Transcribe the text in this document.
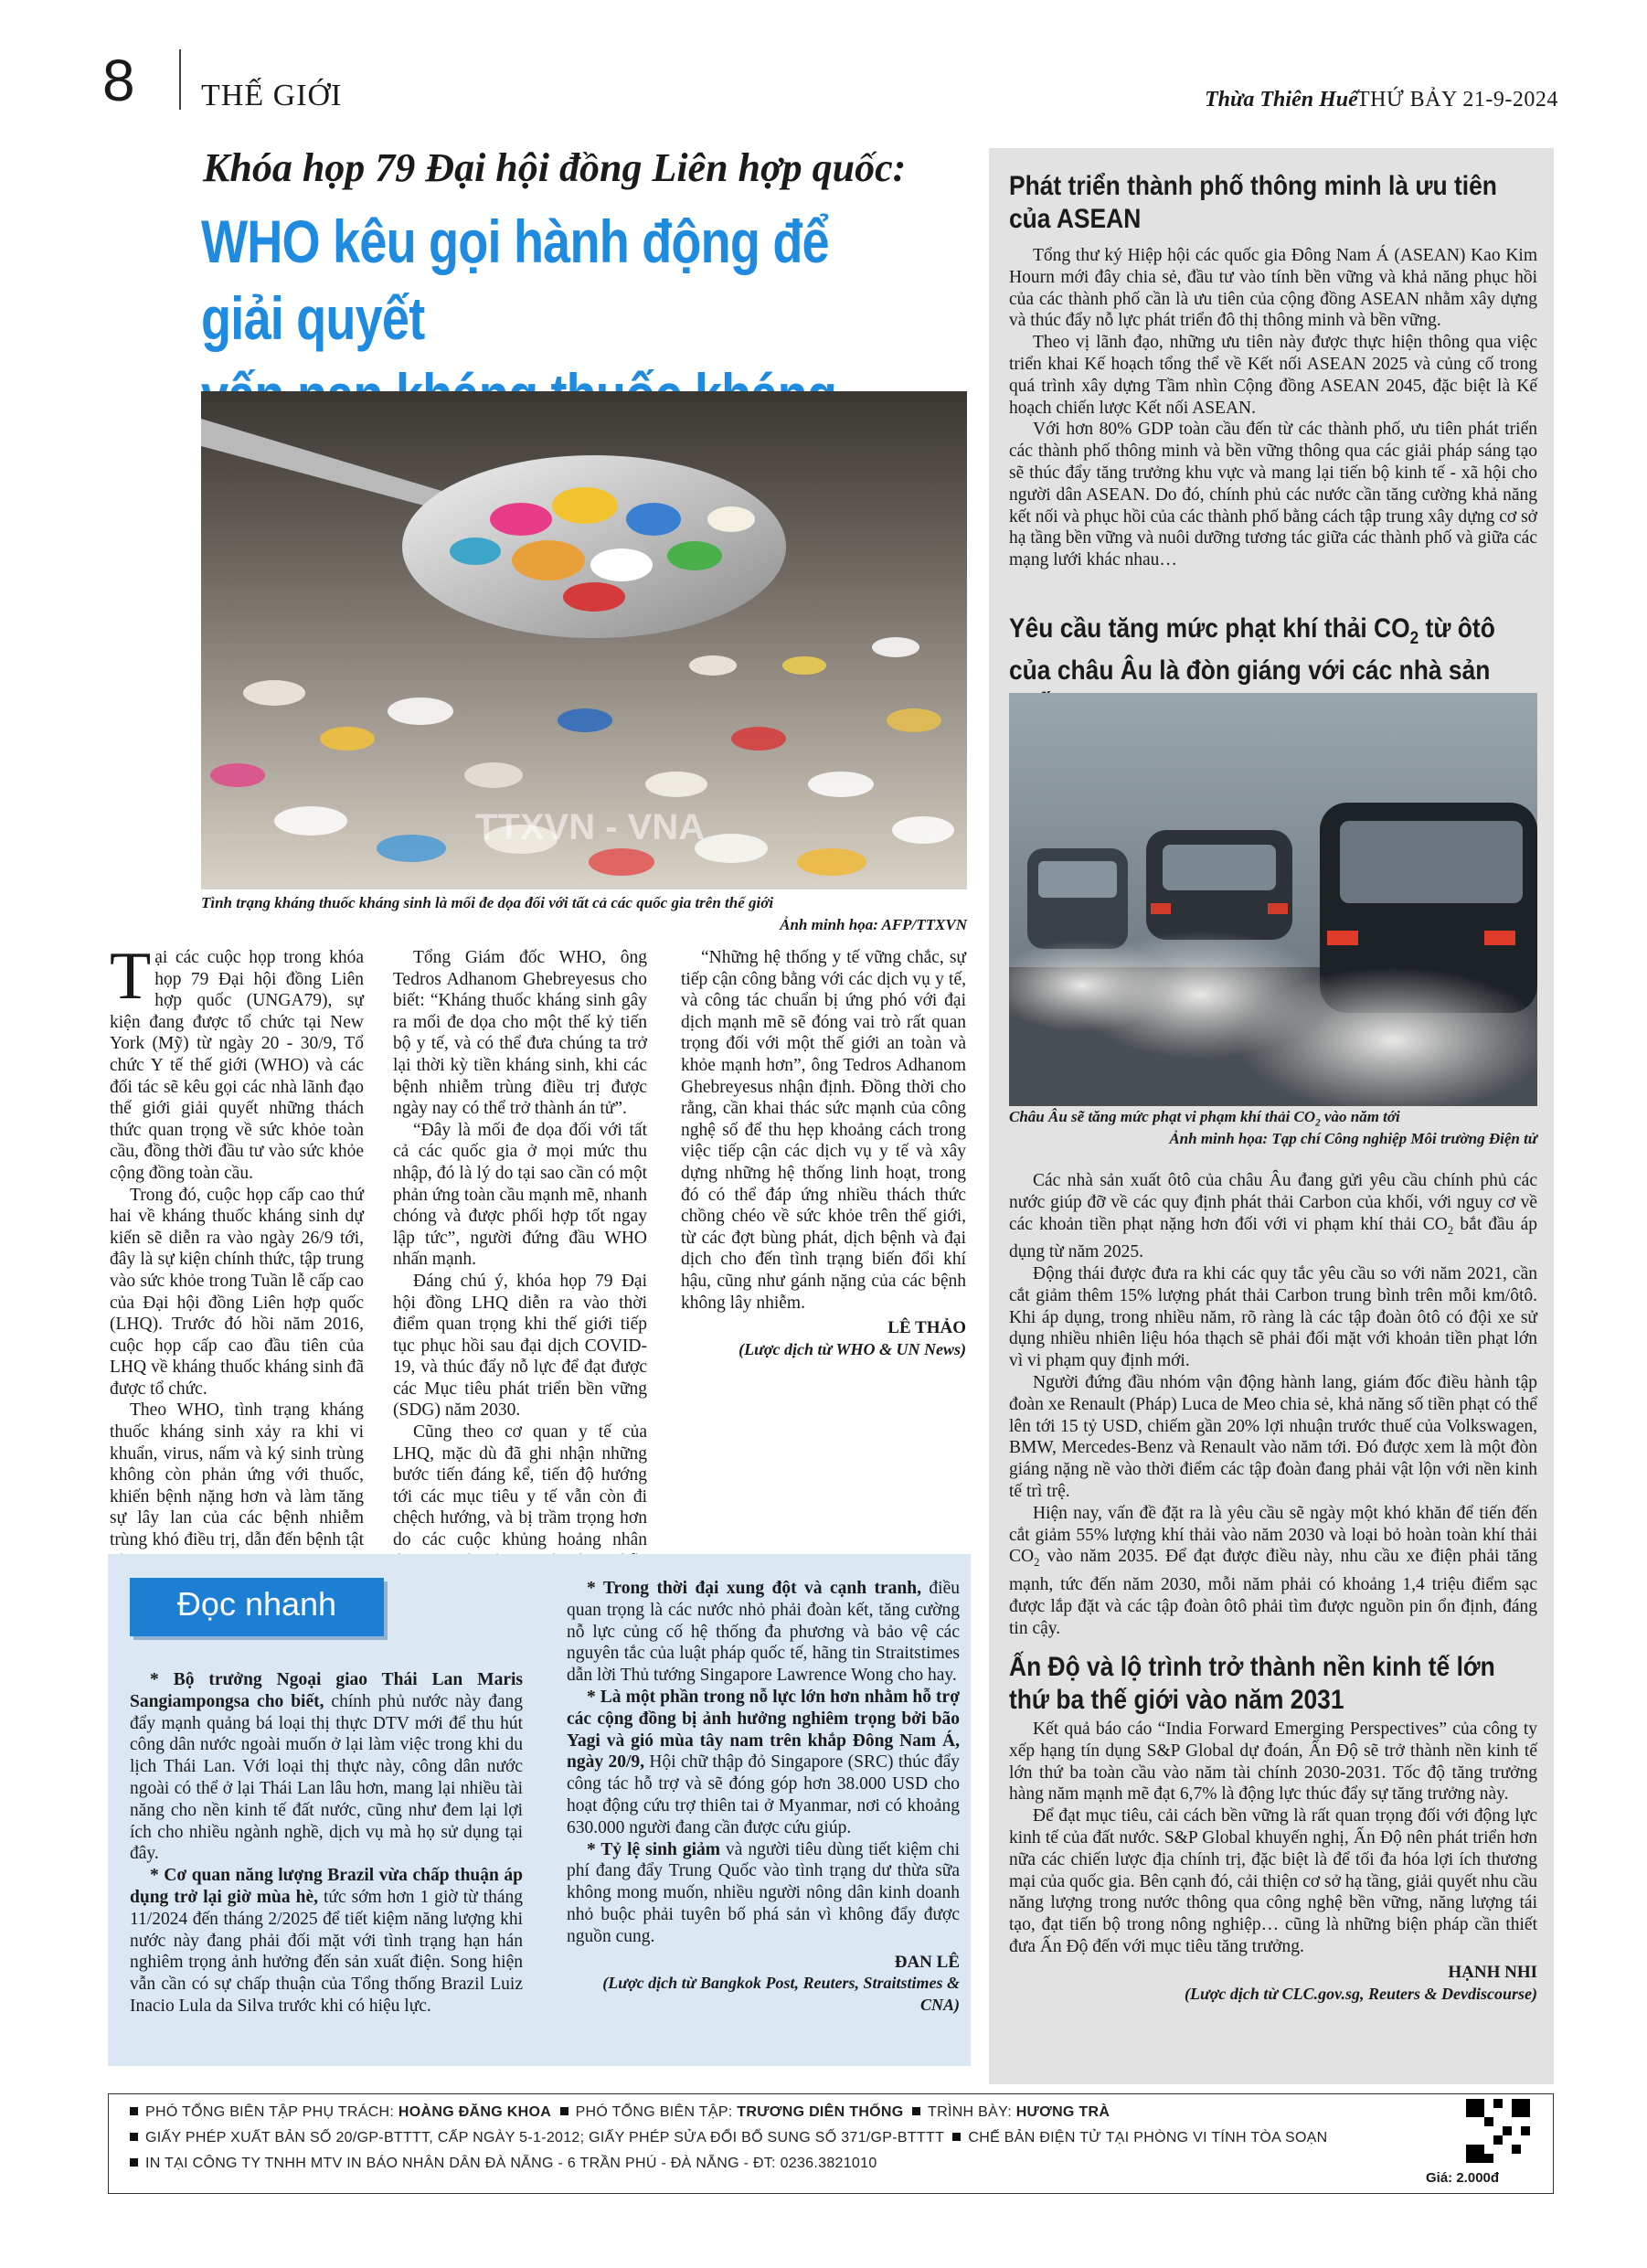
8 THẾ GIỚI	Thừa Thiên Huế
THỨ BẢY 21-9-2024
Khóa họp 79 Đại hội đồng Liên hợp quốc:
WHO kêu gọi hành động để giải quyết
TTXVN - VNA
Tình trạng kháng thuốc kháng sinh là mối đe dọa đối với tất cả các quốc gia trên thế giới
Ảnh minh họa: AFP/TTXVN

Tại các cuộc họp trong khóa họp 79 Đại hội đồng Liên hợp quốc (UNGA79), sự kiện đang được tổ chức tại New York (Mỹ) từ ngày 20 - 30/9, Tổ chức Y tế thế giới (WHO) và các đối tác sẽ kêu gọi các nhà lãnh đạo thế giới giải quyết những thách thức quan trọng về sức khỏe toàn cầu, đồng thời đầu tư vào sức khỏe cộng đồng toàn cầu.

Trong đó, cuộc họp cấp cao thứ hai về kháng thuốc kháng sinh dự kiến sẽ diễn ra vào ngày 26/9 tới, đây là sự kiện chính thức, tập trung vào sức khỏe trong Tuần lễ cấp cao của Đại hội đồng Liên hợp quốc (LHQ). Trước đó hồi năm 2016, cuộc họp cấp cao đầu tiên của LHQ về kháng thuốc kháng sinh đã được tổ chức.

Theo WHO, tình trạng kháng thuốc kháng sinh xảy ra khi vi khuẩn, virus, nấm và ký sinh trùng không còn phản ứng với thuốc, khiến bệnh nặng hơn và làm tăng sự lây lan của các bệnh nhiễm trùng khó điều trị, dẫn đến bệnh tật

Tổng Giám đốc WHO, ông Tedros Adhanom Ghebreyesus cho biết: “Kháng thuốc kháng sinh gây ra mối đe dọa cho một thế kỷ tiến bộ y tế, và có thể đưa chúng ta trở lại thời kỳ tiền kháng sinh, khi các bệnh nhiễm trùng điều trị được ngày nay có thể trở thành án tử”.

“Đây là mối đe dọa đối với tất cả các quốc gia ở mọi mức thu nhập, đó là lý do tại sao cần có một phản ứng toàn cầu mạnh mẽ, nhanh chóng và được phối hợp tốt ngay lập tức”, người đứng đầu WHO nhấn mạnh.

Đáng chú ý, khóa họp 79 Đại hội đồng LHQ diễn ra vào thời điểm quan trọng khi thế giới tiếp tục phục hồi sau đại dịch COVID-19, và thúc đẩy nỗ lực để đạt được các Mục tiêu phát triển bền vững (SDG) năm 2030.

Cũng theo cơ quan y tế của LHQ, mặc dù đã ghi nhận những bước tiến đáng kể, tiến độ hướng tới các mục tiêu y tế vẫn còn đi chệch hướng, và bị trầm trọng hơn do các cuộc khủng hoảng nhân

“Những hệ thống y tế vững chắc, sự tiếp cận công bằng với các dịch vụ y tế, và công tác chuẩn bị ứng phó với đại dịch mạnh mẽ sẽ đóng vai trò rất quan trọng đối với một thế giới an toàn và khỏe mạnh hơn”, ông Tedros Adhanom Ghebreyesus nhận định. Đồng thời cho rằng, cần khai thác sức mạnh của công nghệ số để thu hẹp khoảng cách trong việc tiếp cận các dịch vụ y tế và xây dựng những hệ thống linh hoạt, trong đó có thể đáp ứng nhiều thách thức chồng chéo về sức khỏe trên thế giới, từ các đợt bùng phát, dịch bệnh và đại dịch cho đến tình trạng biến đổi khí hậu, cũng như gánh nặng của các bệnh không lây nhiễm.

LÊ THẢO
(Lược dịch từ WHO & UN News)
Đọc nhanh

* Bộ trưởng Ngoại giao Thái Lan Maris Sangiampongsa cho biết, chính phủ nước này đang đẩy mạnh quảng bá loại thị thực DTV mới để thu hút công dân nước ngoài muốn ở lại làm việc trong khi du lịch Thái Lan. Với loại thị thực này, công dân nước ngoài có thể ở lại Thái Lan lâu hơn, mang lại nhiều tài năng cho nền kinh tế đất nước, cũng như đem lại lợi ích cho nhiều ngành nghề, dịch vụ mà họ sử dụng tại đây.

* Cơ quan năng lượng Brazil vừa chấp thuận áp dụng trở lại giờ mùa hè, tức sớm hơn 1 giờ từ tháng 11/2024 đến tháng 2/2025 để tiết kiệm năng lượng khi nước này đang phải đối mặt với tình trạng hạn hán nghiêm trọng ảnh hưởng đến sản xuất điện. Song hiện vẫn cần có sự chấp thuận của Tổng thống Brazil Luiz Inacio Lula da Silva trước khi có hiệu lực.

* Trong thời đại xung đột và cạnh tranh, điều quan trọng là các nước nhỏ phải đoàn kết, tăng cường nỗ lực củng cố hệ thống đa phương và bảo vệ các nguyên tắc của luật pháp quốc tế, hãng tin Straitstimes dẫn lời Thủ tướng Singapore Lawrence Wong cho hay.

* Là một phần trong nỗ lực lớn hơn nhằm hỗ trợ các cộng đồng bị ảnh hưởng nghiêm trọng bởi bão Yagi và gió mùa tây nam trên khắp Đông Nam Á, ngày 20/9, Hội chữ thập đỏ Singapore (SRC) thúc đẩy công tác hỗ trợ và sẽ đóng góp hơn 38.000 USD cho hoạt động cứu trợ thiên tai ở Myanmar, nơi có khoảng 630.000 người đang cần được cứu giúp.

* Tỷ lệ sinh giảm và người tiêu dùng tiết kiệm chi phí đang đẩy Trung Quốc vào tình trạng dư thừa sữa không mong muốn, nhiều người nông dân kinh doanh nhỏ buộc phải tuyên bố phá sản vì không đẩy được nguồn cung.

ĐAN LÊ
(Lược dịch từ Bangkok Post, Reuters, Straitstimes & CNA)
Phát triển thành phố thông minh là ưu tiên của ASEAN

Tổng thư ký Hiệp hội các quốc gia Đông Nam Á (ASEAN) Kao Kim Hourn mới đây chia sẻ, đầu tư vào tính bền vững và khả năng phục hồi của các thành phố cần là ưu tiên của cộng đồng ASEAN nhằm xây dựng và thúc đẩy nỗ lực phát triển đô thị thông minh và bền vững.

Theo vị lãnh đạo, những ưu tiên này được thực hiện thông qua việc triển khai Kế hoạch tổng thể về Kết nối ASEAN 2025 và củng cố trong quá trình xây dựng Tầm nhìn Cộng đồng ASEAN 2045, đặc biệt là Kế hoạch chiến lược Kết nối ASEAN.

Với hơn 80% GDP toàn cầu đến từ các thành phố, ưu tiên phát triển các thành phố thông minh và bền vững thông qua các giải pháp sáng tạo sẽ thúc đẩy tăng trưởng khu vực và mang lại tiến bộ kinh tế - xã hội cho người dân ASEAN. Do đó, chính phủ các nước cần tăng cường khả năng kết nối và phục hồi của các thành phố bằng cách tập trung xây dựng cơ sở hạ tầng bền vững và nuôi dưỡng tương tác giữa các thành phố và giữa các mạng lưới khác nhau…

Yêu cầu tăng mức phạt khí thải $CO_2$ từ ôtô của châu Âu là đòn giáng với các nhà sản
Châu Âu sẽ tăng mức phạt vi phạm khí thải $CO_2$ vào năm tới
Ảnh minh họa: Tạp chí Công nghiệp Môi trường Điện tử

Các nhà sản xuất ôtô của châu Âu đang gửi yêu cầu chính phủ các nước giúp đỡ về các quy định phát thải Carbon của khối, với nguy cơ về các khoản tiền phạt nặng hơn đối với vi phạm khí thải $CO_2$ bắt đầu áp dụng từ năm 2025.

Động thái được đưa ra khi các quy tắc yêu cầu so với năm 2021, cần cắt giảm thêm 15% lượng phát thải Carbon trung bình trên mỗi km/ôtô. Khi áp dụng, trong nhiều năm, rõ ràng là các tập đoàn ôtô có đội xe sử dụng nhiều nhiên liệu hóa thạch sẽ phải đối mặt với khoản tiền phạt lớn vì vi phạm quy định mới.

Người đứng đầu nhóm vận động hành lang, giám đốc điều hành tập đoàn xe Renault (Pháp) Luca de Meo chia sẻ, khả năng số tiền phạt có thể lên tới 15 tỷ USD, chiếm gần 20% lợi nhuận trước thuế của Volkswagen, BMW, Mercedes-Benz và Renault vào năm tới. Đó được xem là một đòn giáng nặng nề vào thời điểm các tập đoàn đang phải vật lộn với nền kinh tế trì trệ.

Hiện nay, vấn đề đặt ra là yêu cầu sẽ ngày một khó khăn để tiến đến cắt giảm 55% lượng khí thải vào năm 2030 và loại bỏ hoàn toàn khí thải $CO_2$ vào năm 2035. Để đạt được điều này, nhu cầu xe điện phải tăng mạnh, tức đến năm 2030, mỗi năm phải có khoảng 1,4 triệu điểm sạc được lắp đặt và các tập đoàn ôtô phải tìm được nguồn pin ổn định, đáng tin cậy.

Ấn Độ và lộ trình trở thành nền kinh tế lớn thứ ba thế giới vào năm 2031

Kết quả báo cáo “India Forward Emerging Perspectives” của công ty xếp hạng tín dụng S&P Global dự đoán, Ấn Độ sẽ trở thành nền kinh tế lớn thứ ba toàn cầu vào năm tài chính 2030-2031. Tốc độ tăng trưởng hàng năm mạnh mẽ đạt 6,7% là động lực thúc đẩy sự tăng trưởng này.

Để đạt mục tiêu, cải cách bền vững là rất quan trọng đối với động lực kinh tế của đất nước. S&P Global khuyến nghị, Ấn Độ nên phát triển hơn nữa các chiến lược địa chính trị, đặc biệt là để tối đa hóa lợi ích thương mại của quốc gia. Bên cạnh đó, cải thiện cơ sở hạ tầng, giải quyết nhu cầu năng lượng trong nước thông qua công nghệ bền vững, năng lượng tái tạo, đạt tiến bộ trong nông nghiệp… cũng là những biện pháp cần thiết đưa Ấn Độ đến với mục tiêu tăng trưởng.

HẠNH NHI
(Lược dịch từ CLC.gov.sg, Reuters & Devdiscourse)
PHÓ TỔNG BIÊN TẬP PHỤ TRÁCH: HOÀNG ĐĂNG KHOA PHÓ TỔNG BIÊN TẬP: TRƯƠNG DIÊN THỐNG TRÌNH BÀY: HƯƠNG TRÀ
GIẤY PHÉP XUẤT BẢN SỐ 20/GP-BTTTT, CẤP NGÀY 5-1-2012; GIẤY PHÉP SỬA ĐỔI BỔ SUNG SỐ 371/GP-BTTTT CHẾ BẢN ĐIỆN TỬ TẠI PHÒNG VI TÍNH TÒA SOẠN
IN TẠI CÔNG TY TNHH MTV IN BÁO NHÂN DÂN ĐÀ NẴNG - 6 TRẦN PHÚ - ĐÀ NẴNG - ĐT: 0236.3821010
Giá: 2.000đ
